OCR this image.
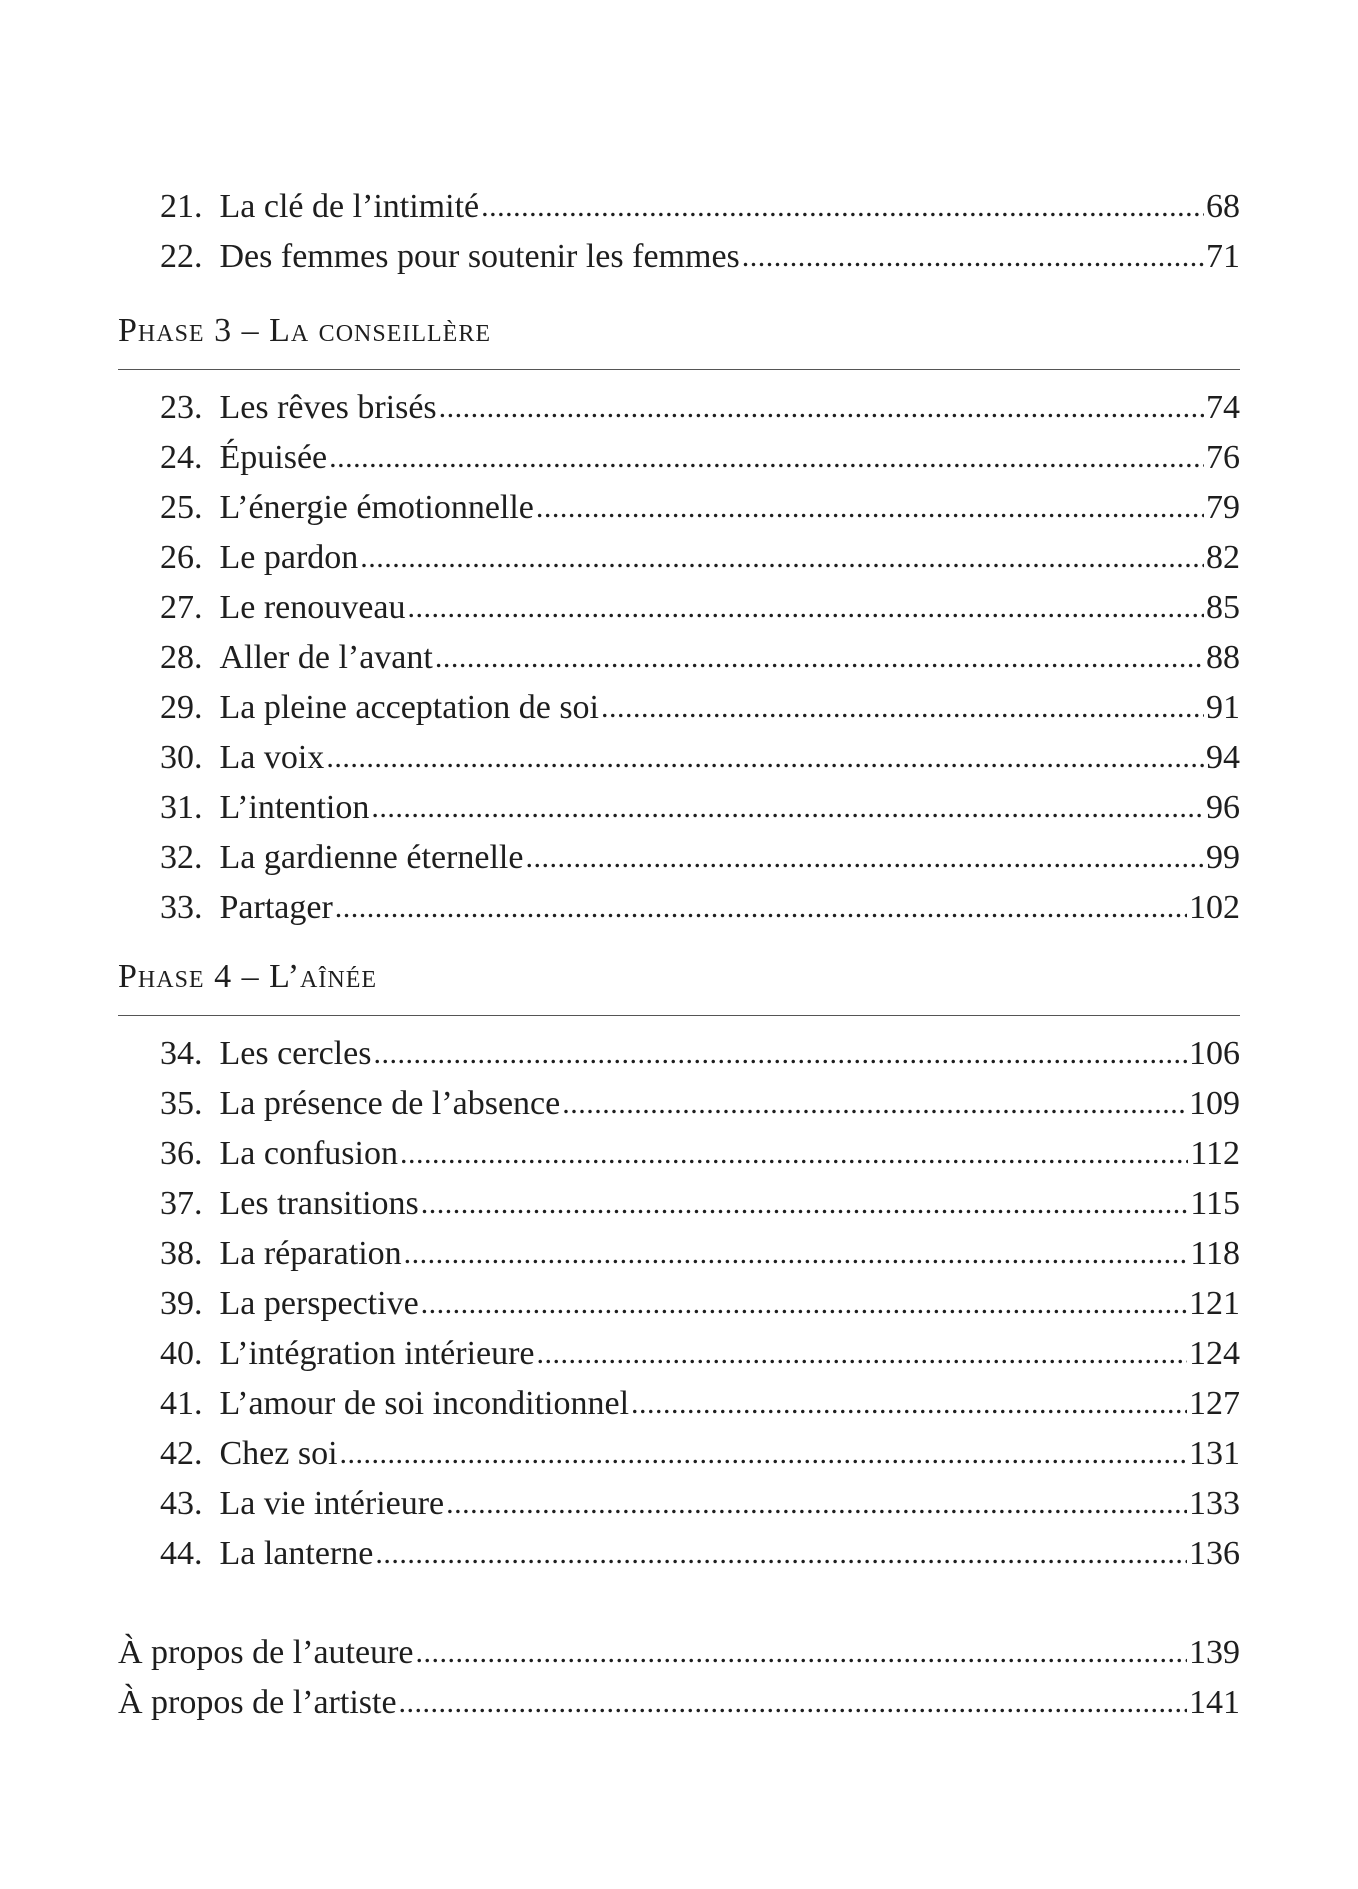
21. La clé de l’intimité .....	68
22. Des femmes pour soutenir les femmes .....	71
Phase 3 – La conseillère
23. Les rêves brisés .....	74
24. Épuisée .....	76
25. L’énergie émotionnelle .....	79
26. Le pardon .....	82
27. Le renouveau .....	85
28. Aller de l’avant .....	88
29. La pleine acceptation de soi .....	91
30. La voix .....	94
31. L’intention .....	96
32. La gardienne éternelle .....	99
33. Partager .....	102
Phase 4 – L’aînée
34. Les cercles .....	106
35. La présence de l’absence .....	109
36. La confusion .....	112
37. Les transitions .....	115
38. La réparation .....	118
39. La perspective .....	121
40. L’intégration intérieure .....	124
41. L’amour de soi inconditionnel .....	127
42. Chez soi .....	131
43. La vie intérieure .....	133
44. La lanterne .....	136
À propos de l’auteure .....	139
À propos de l’artiste .....	141
